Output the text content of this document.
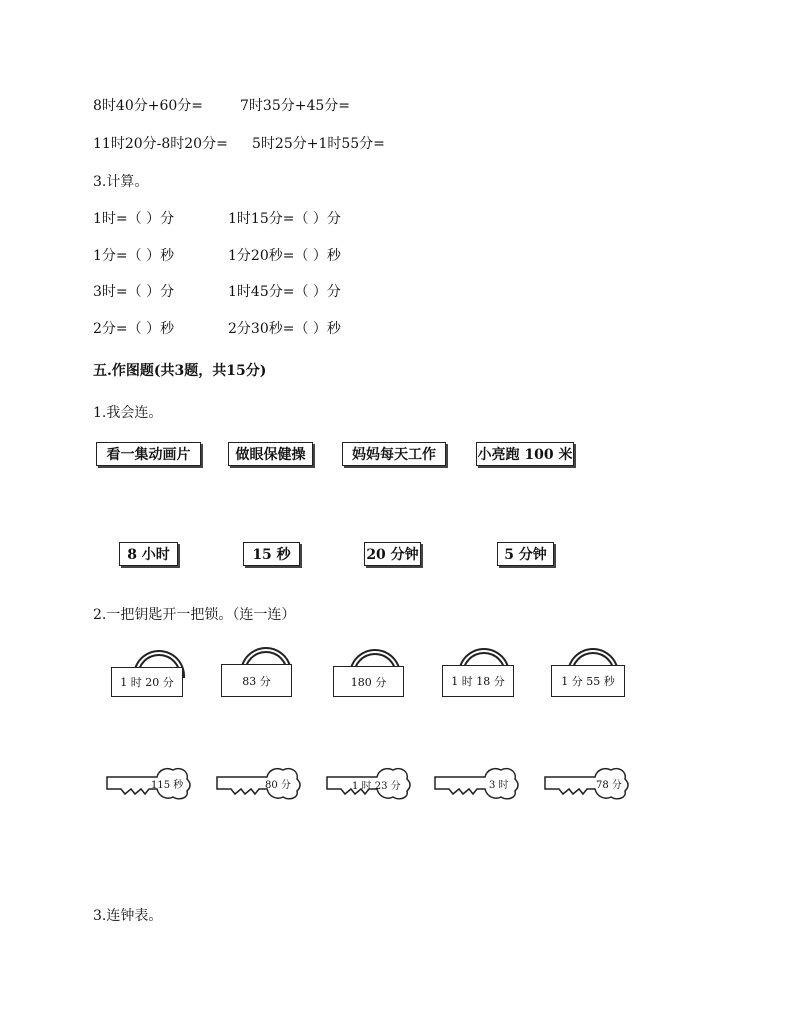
8时40分+60分=	7时35分+45分=
11时20分-8时20分= 5时25分+1时55分=
3.计算。
1时=（ ）分	1时15分=（ ）分
1分=（ ）秒	1分20秒=（ ）秒
3时=（ ）分	1时45分=（ ）分
2分=（ ）秒	2分30秒=（ ）秒
五.作图题(共3题，共15分)
1.我会连。
看一集动画片	做眼保健操	妈妈每天工作	小亮跑 100 米
8 小时	15 秒	20 分钟	5 分钟
2.一把钥匙开一把锁。（连一连）
1 时 20 分	83 分	180 分	1 时 18 分	1 分 55 秒
115 秒	80 分	1 时 23 分	3 时	78 分
3.连钟表。
